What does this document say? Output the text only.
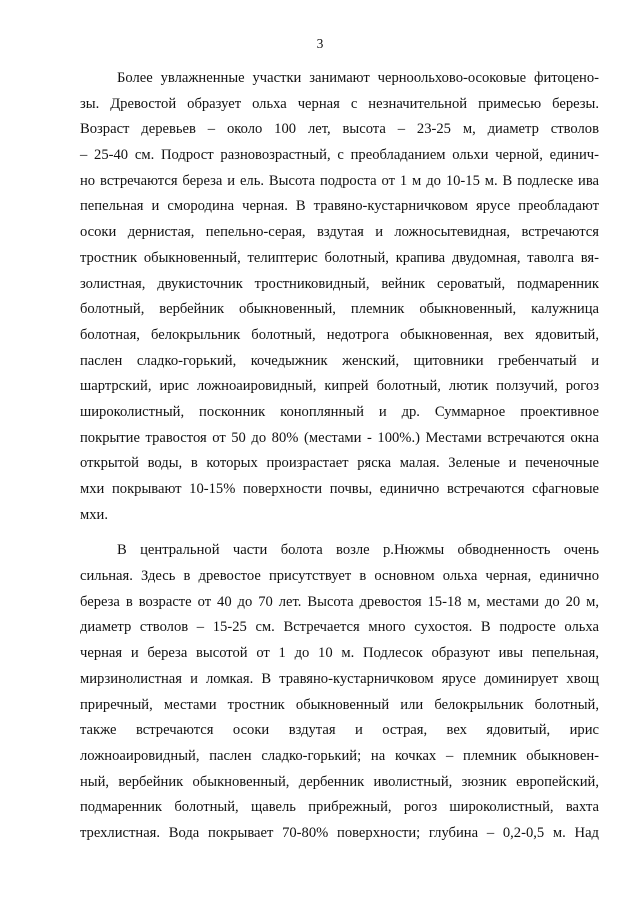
3

Более увлажненные участки занимают черноольхово-осоковые фитоцено-
зы. Древостой образует ольха черная с незначительной примесью березы.
Возраст деревьев – около 100 лет, высота – 23-25 м, диаметр стволов
– 25-40 см. Подрост разновозрастный, с преобладанием ольхи черной, единич-
но встречаются береза и ель. Высота подроста от 1 м до 10-15 м. В подлеске ива
пепельная и смородина черная. В травяно-кустарничковом ярусе преобладают
осоки дернистая, пепельно-серая, вздутая и ложносытевидная, встречаются
тростник обыкновенный, телиптерис болотный, крапива двудомная, таволга вя-
золистная, двукисточник тростниковидный, вейник сероватый, подмаренник
болотный, вербейник обыкновенный, племник обыкновенный, калужница
болотная, белокрыльник болотный, недотрога обыкновенная, вех ядовитый,
паслен сладко-горький, кочедыжник женский, щитовники гребенчатый и
шартрский, ирис ложноаировидный, кипрей болотный, лютик ползучий, рогоз
широколистный, посконник коноплянный и др. Суммарное проективное
покрытие травостоя от 50 до 80% (местами - 100%.) Местами встречаются окна
открытой воды, в которых произрастает ряска малая. Зеленые и печеночные
мхи покрывают 10-15% поверхности почвы, единично встречаются сфагновые
мхи.

В центральной части болота возле р.Нюжмы обводненность очень
сильная. Здесь в древостое присутствует в основном ольха черная, единично
береза в возрасте от 40 до 70 лет. Высота древостоя 15-18 м, местами до 20 м,
диаметр стволов – 15-25 см. Встречается много сухостоя. В подросте ольха
черная и береза высотой от 1 до 10 м. Подлесок образуют ивы пепельная,
мирзинолистная и ломкая. В травяно-кустарничковом ярусе доминирует хвощ
приречный, местами тростник обыкновенный или белокрыльник болотный,
также встречаются осоки вздутая и острая, вех ядовитый, ирис
ложноаировидный, паслен сладко-горький; на кочках – племник обыкновен-
ный, вербейник обыкновенный, дербенник иволистный, зюзник европейский,
подмаренник болотный, щавель прибрежный, рогоз широколистный, вахта
трехлистная. Вода покрывает 70-80% поверхности; глубина – 0,2-0,5 м. Над
